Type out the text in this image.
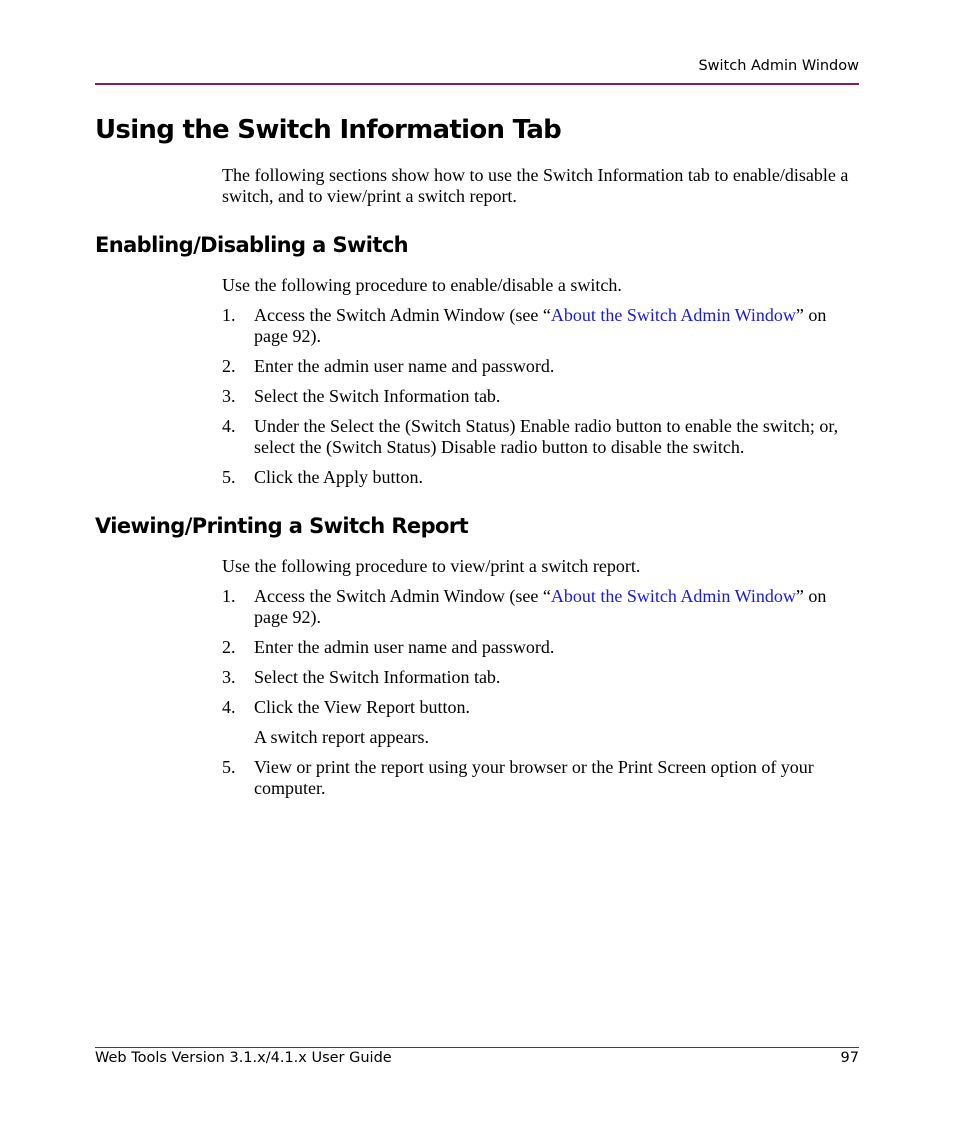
Switch Admin Window
Using the Switch Information Tab

The following sections show how to use the Switch Information tab to enable/disable a switch, and to view/print a switch report.

Enabling/Disabling a Switch

Use the following procedure to enable/disable a switch.

1. Access the Switch Admin Window (see “About the Switch Admin Window” on page 92).
2. Enter the admin user name and password.
3. Select the Switch Information tab.
4. Under the Select the (Switch Status) Enable radio button to enable the switch; or, select the (Switch Status) Disable radio button to disable the switch.
5. Click the Apply button.
Viewing/Printing a Switch Report

Use the following procedure to view/print a switch report.

1. Access the Switch Admin Window (see “About the Switch Admin Window” on page 92).
2. Enter the admin user name and password.
3. Select the Switch Information tab.
4. Click the View Report button.
A switch report appears.
5. View or print the report using your browser or the Print Screen option of your computer.
Web Tools Version 3.1.x/4.1.x User Guide	97
